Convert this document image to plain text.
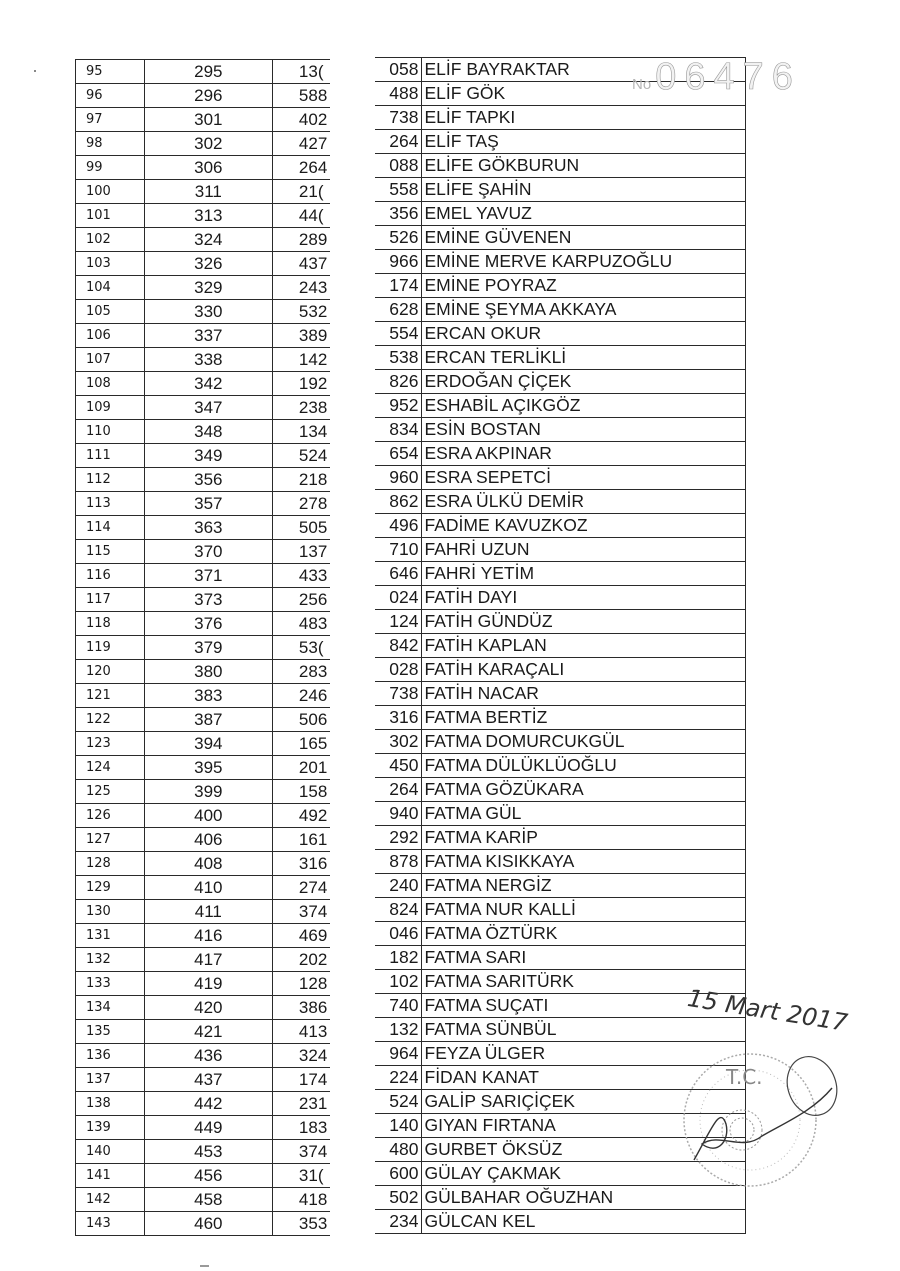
95	295	13(
96	296	588
97	301	402
98	302	427
99	306	264
100	311	21(
101	313	44(
102	324	289
103	326	437
104	329	243
105	330	532
106	337	389
107	338	142
108	342	192
109	347	238
110	348	134
111	349	524
112	356	218
113	357	278
114	363	505
115	370	137
116	371	433
117	373	256
118	376	483
119	379	53(
120	380	283
121	383	246
122	387	506
123	394	165
124	395	201
125	399	158
126	400	492
127	406	161
128	408	316
129	410	274
130	411	374
131	416	469
132	417	202
133	419	128
134	420	386
135	421	413
136	436	324
137	437	174
138	442	231
139	449	183
140	453	374
141	456	31(
142	458	418
143	460	353
058	ELİF BAYRAKTAR
488	ELİF GÖK
738	ELİF TAPKI
264	ELİF TAŞ
088	ELİFE GÖKBURUN
558	ELİFE ŞAHİN
356	EMEL YAVUZ
526	EMİNE GÜVENEN
966	EMİNE MERVE KARPUZOĞLU
174	EMİNE POYRAZ
628	EMİNE ŞEYMA AKKAYA
554	ERCAN OKUR
538	ERCAN TERLİKLİ
826	ERDOĞAN ÇİÇEK
952	ESHABİL AÇIKGÖZ
834	ESİN BOSTAN
654	ESRA AKPINAR
960	ESRA SEPETCİ
862	ESRA ÜLKÜ DEMİR
496	FADİME KAVUZKOZ
710	FAHRİ UZUN
646	FAHRİ YETİM
024	FATİH DAYI
124	FATİH GÜNDÜZ
842	FATİH KAPLAN
028	FATİH KARAÇALI
738	FATİH NACAR
316	FATMA BERTİZ
302	FATMA DOMURCUKGÜL
450	FATMA DÜLÜKLÜOĞLU
264	FATMA GÖZÜKARA
940	FATMA GÜL
292	FATMA KARİP
878	FATMA KISIKKAYA
240	FATMA NERGİZ
824	FATMA NUR KALLİ
046	FATMA ÖZTÜRK
182	FATMA SARI
102	FATMA SARITÜRK
740	FATMA SUÇATI
132	FATMA SÜNBÜL
964	FEYZA ÜLGER
224	FİDAN KANAT
524	GALİP SARIÇİÇEK
140	GIYAN FIRTANA
480	GURBET ÖKSÜZ
600	GÜLAY ÇAKMAK
502	GÜLBAHAR OĞUZHAN
234	GÜLCAN KEL
No 06476
15 Mart 2017
T.C.
